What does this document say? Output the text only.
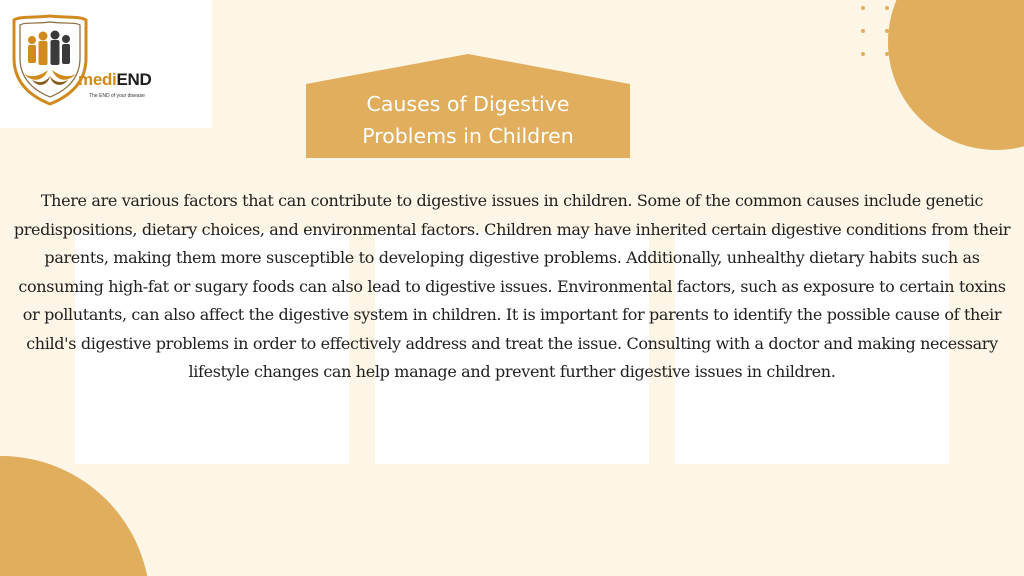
mediEND
The END of your disease	Causes of Digestive
Problems in Children

There are various factors that can contribute to digestive issues in children. Some of the common causes include genetic predispositions, dietary choices, and environmental factors. Children may have inherited certain digestive conditions from their parents, making them more susceptible to developing digestive problems. Additionally, unhealthy dietary habits such as consuming high-fat or sugary foods can also lead to digestive issues. Environmental factors, such as exposure to certain toxins or pollutants, can also affect the digestive system in children. It is important for parents to identify the possible cause of their child's digestive problems in order to effectively address and treat the issue. Consulting with a doctor and making necessary lifestyle changes can help manage and prevent further digestive issues in children.
